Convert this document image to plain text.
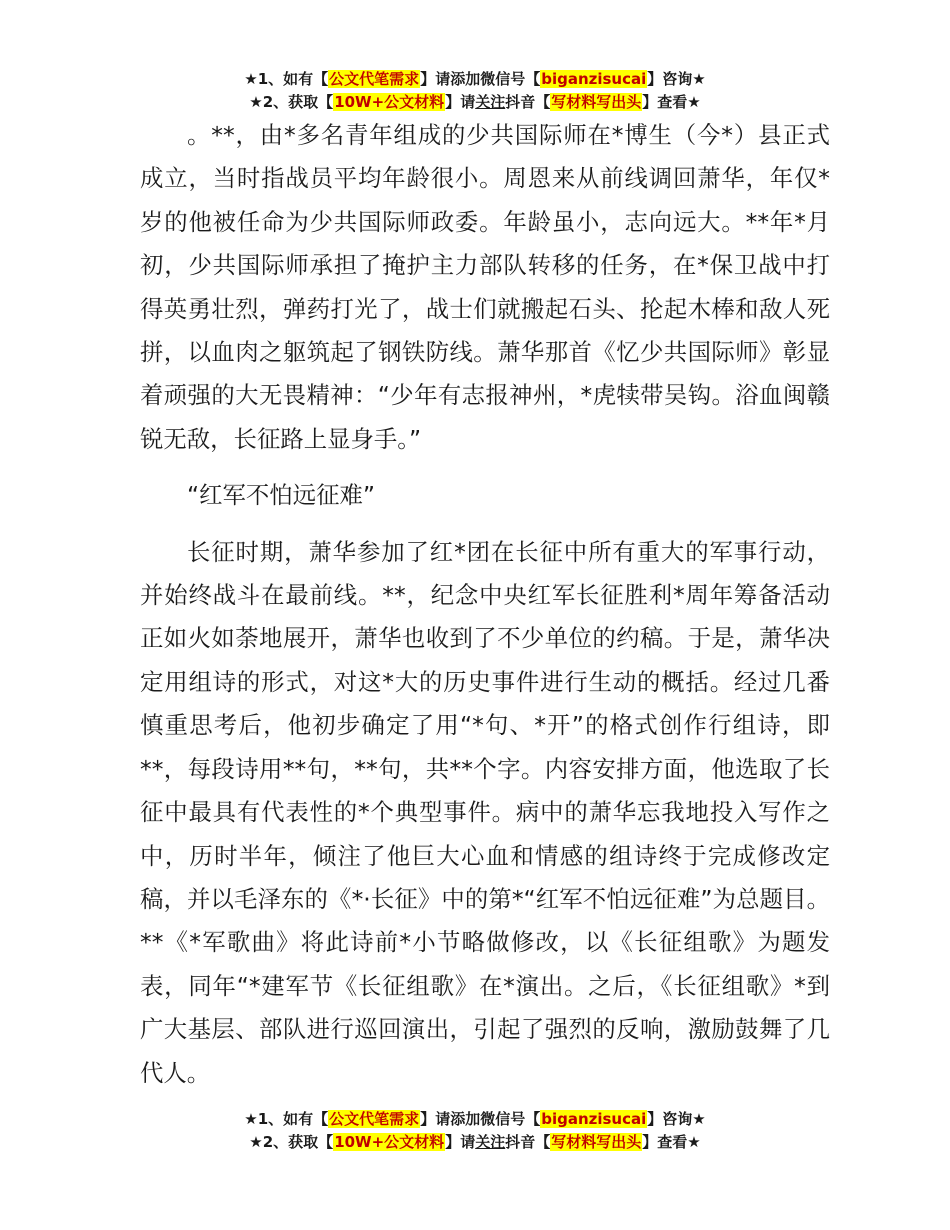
★1、如有【公文代笔需求】请添加微信号【biganzisucai】咨询★
★2、获取【10W+公文材料】请关注抖音【写材料写出头】查看★

。**，由*多名青年组成的少共国际师在*博生（今*）县正式成立，当时指战员平均年龄很小。周恩来从前线调回萧华，年仅*岁的他被任命为少共国际师政委。年龄虽小，志向远大。**年*月初，少共国际师承担了掩护主力部队转移的任务，在*保卫战中打得英勇壮烈，弹药打光了，战士们就搬起石头、抡起木棒和敌人死拼，以血肉之躯筑起了钢铁防线。萧华那首《忆少共国际师》彰显着顽强的大无畏精神：“少年有志报神州，*虎犊带吴钩。浴血闽赣锐无敌，长征路上显身手。”

“红军不怕远征难”

长征时期，萧华参加了红*团在长征中所有重大的军事行动，并始终战斗在最前线。**，纪念中央红军长征胜利*周年筹备活动正如火如荼地展开，萧华也收到了不少单位的约稿。于是，萧华决定用组诗的形式，对这*大的历史事件进行生动的概括。经过几番慎重思考后，他初步确定了用“*句、*开”的格式创作行组诗，即**，每段诗用**句，**句，共**个字。内容安排方面，他选取了长征中最具有代表性的*个典型事件。病中的萧华忘我地投入写作之中，历时半年，倾注了他巨大心血和情感的组诗终于完成修改定稿，并以毛泽东的《*·长征》中的第*“红军不怕远征难”为总题目。**《*军歌曲》将此诗前*小节略做修改，以《长征组歌》为题发表，同年“*建军节《长征组歌》在*演出。之后，《长征组歌》*到广大基层、部队进行巡回演出，引起了强烈的反响，激励鼓舞了几代人。

★1、如有【公文代笔需求】请添加微信号【biganzisucai】咨询★
★2、获取【10W+公文材料】请关注抖音【写材料写出头】查看★
